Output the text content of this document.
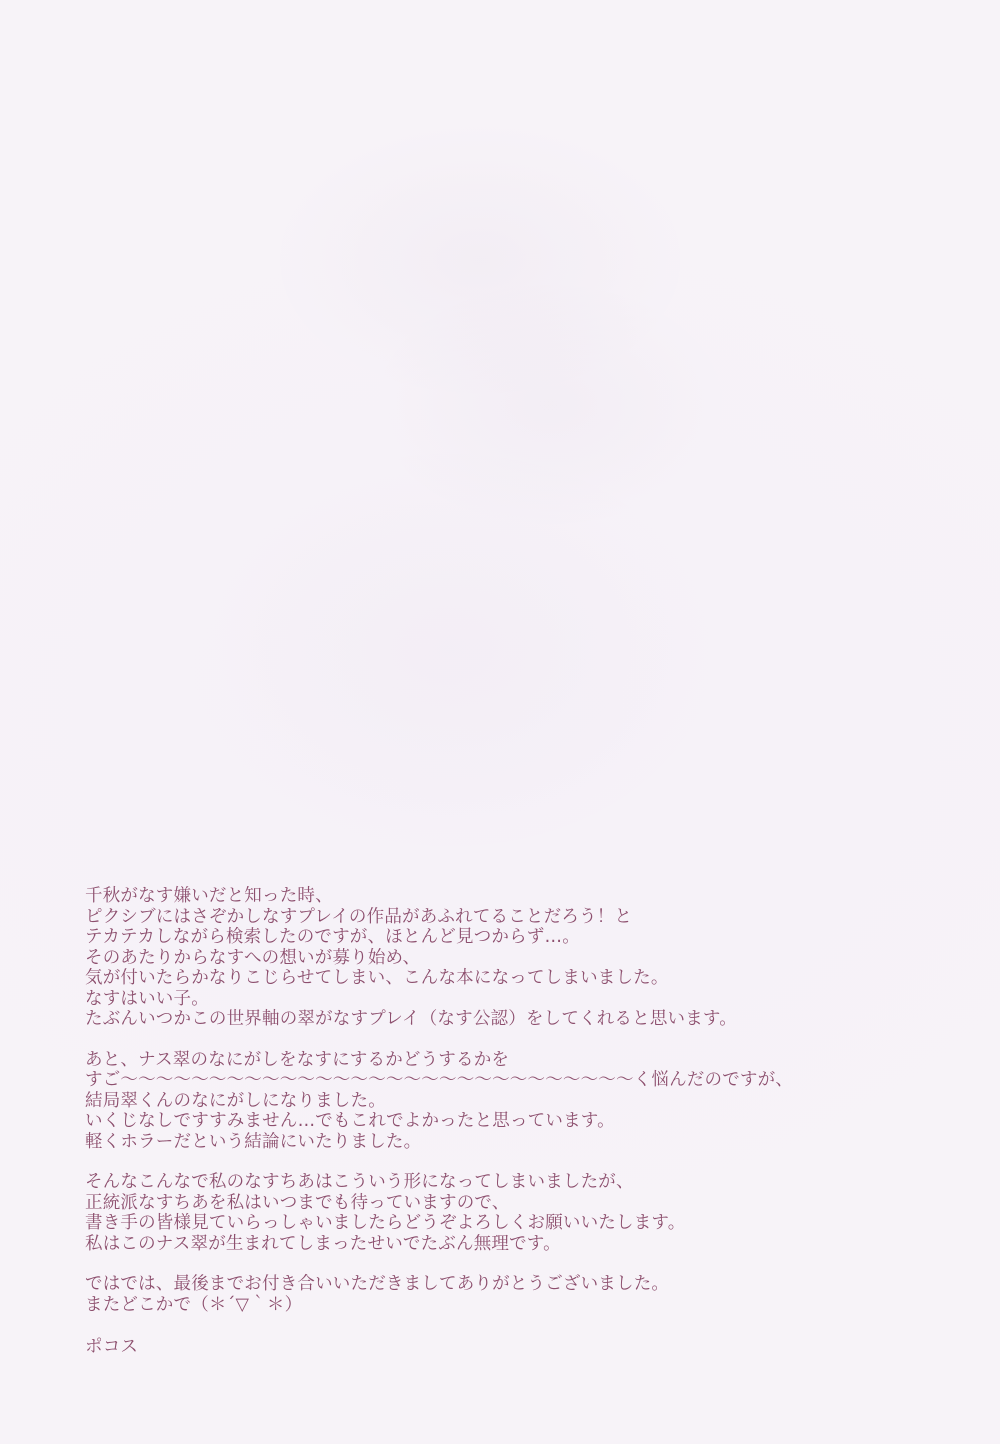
千秋がなす嫌いだと知った時、
ピクシブにはさぞかしなすプレイの作品があふれてることだろう！と
テカテカしながら検索したのですが、ほとんど見つからず…。
そのあたりからなすへの想いが募り始め、
気が付いたらかなりこじらせてしまい、こんな本になってしまいました。
なすはいい子。
たぶんいつかこの世界軸の翠がなすプレイ（なす公認）をしてくれると思います。
あと、ナス翠のなにがしをなすにするかどうするかを
すご〜〜〜〜〜〜〜〜〜〜〜〜〜〜〜〜〜〜〜〜〜〜〜〜〜〜〜〜〜く悩んだのですが、
結局翠くんのなにがしになりました。
いくじなしですすみません…でもこれでよかったと思っています。
軽くホラーだという結論にいたりました。
そんなこんなで私のなすちあはこういう形になってしまいましたが、
正統派なすちあを私はいつまでも待っていますので、
書き手の皆様見ていらっしゃいましたらどうぞよろしくお願いいたします。
私はこのナス翠が生まれてしまったせいでたぶん無理です。
ではでは、最後までお付き合いいただきましてありがとうございました。
またどこかで（＊´▽｀＊）
ポコス
